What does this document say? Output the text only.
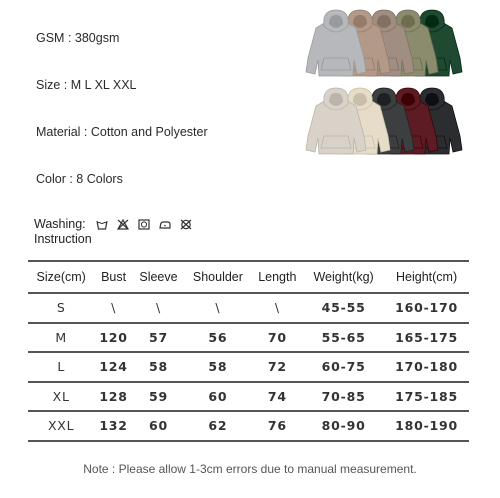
GSM : 380gsm
Size : M L XL XXL
Material : Cotton and Polyester
Color : 8 Colors
Washing:
Instruction
Size(cm)	Bust	Sleeve	Shoulder	Length	Weight(kg)	Height(cm)
S	\	\	\	\	45-55	160-170
M	120	57	56	70	55-65	165-175
L	124	58	58	72	60-75	170-180
XL	128	59	60	74	70-85	175-185
XXL	132	60	62	76	80-90	180-190
Note : Please allow 1-3cm errors due to manual measurement.
